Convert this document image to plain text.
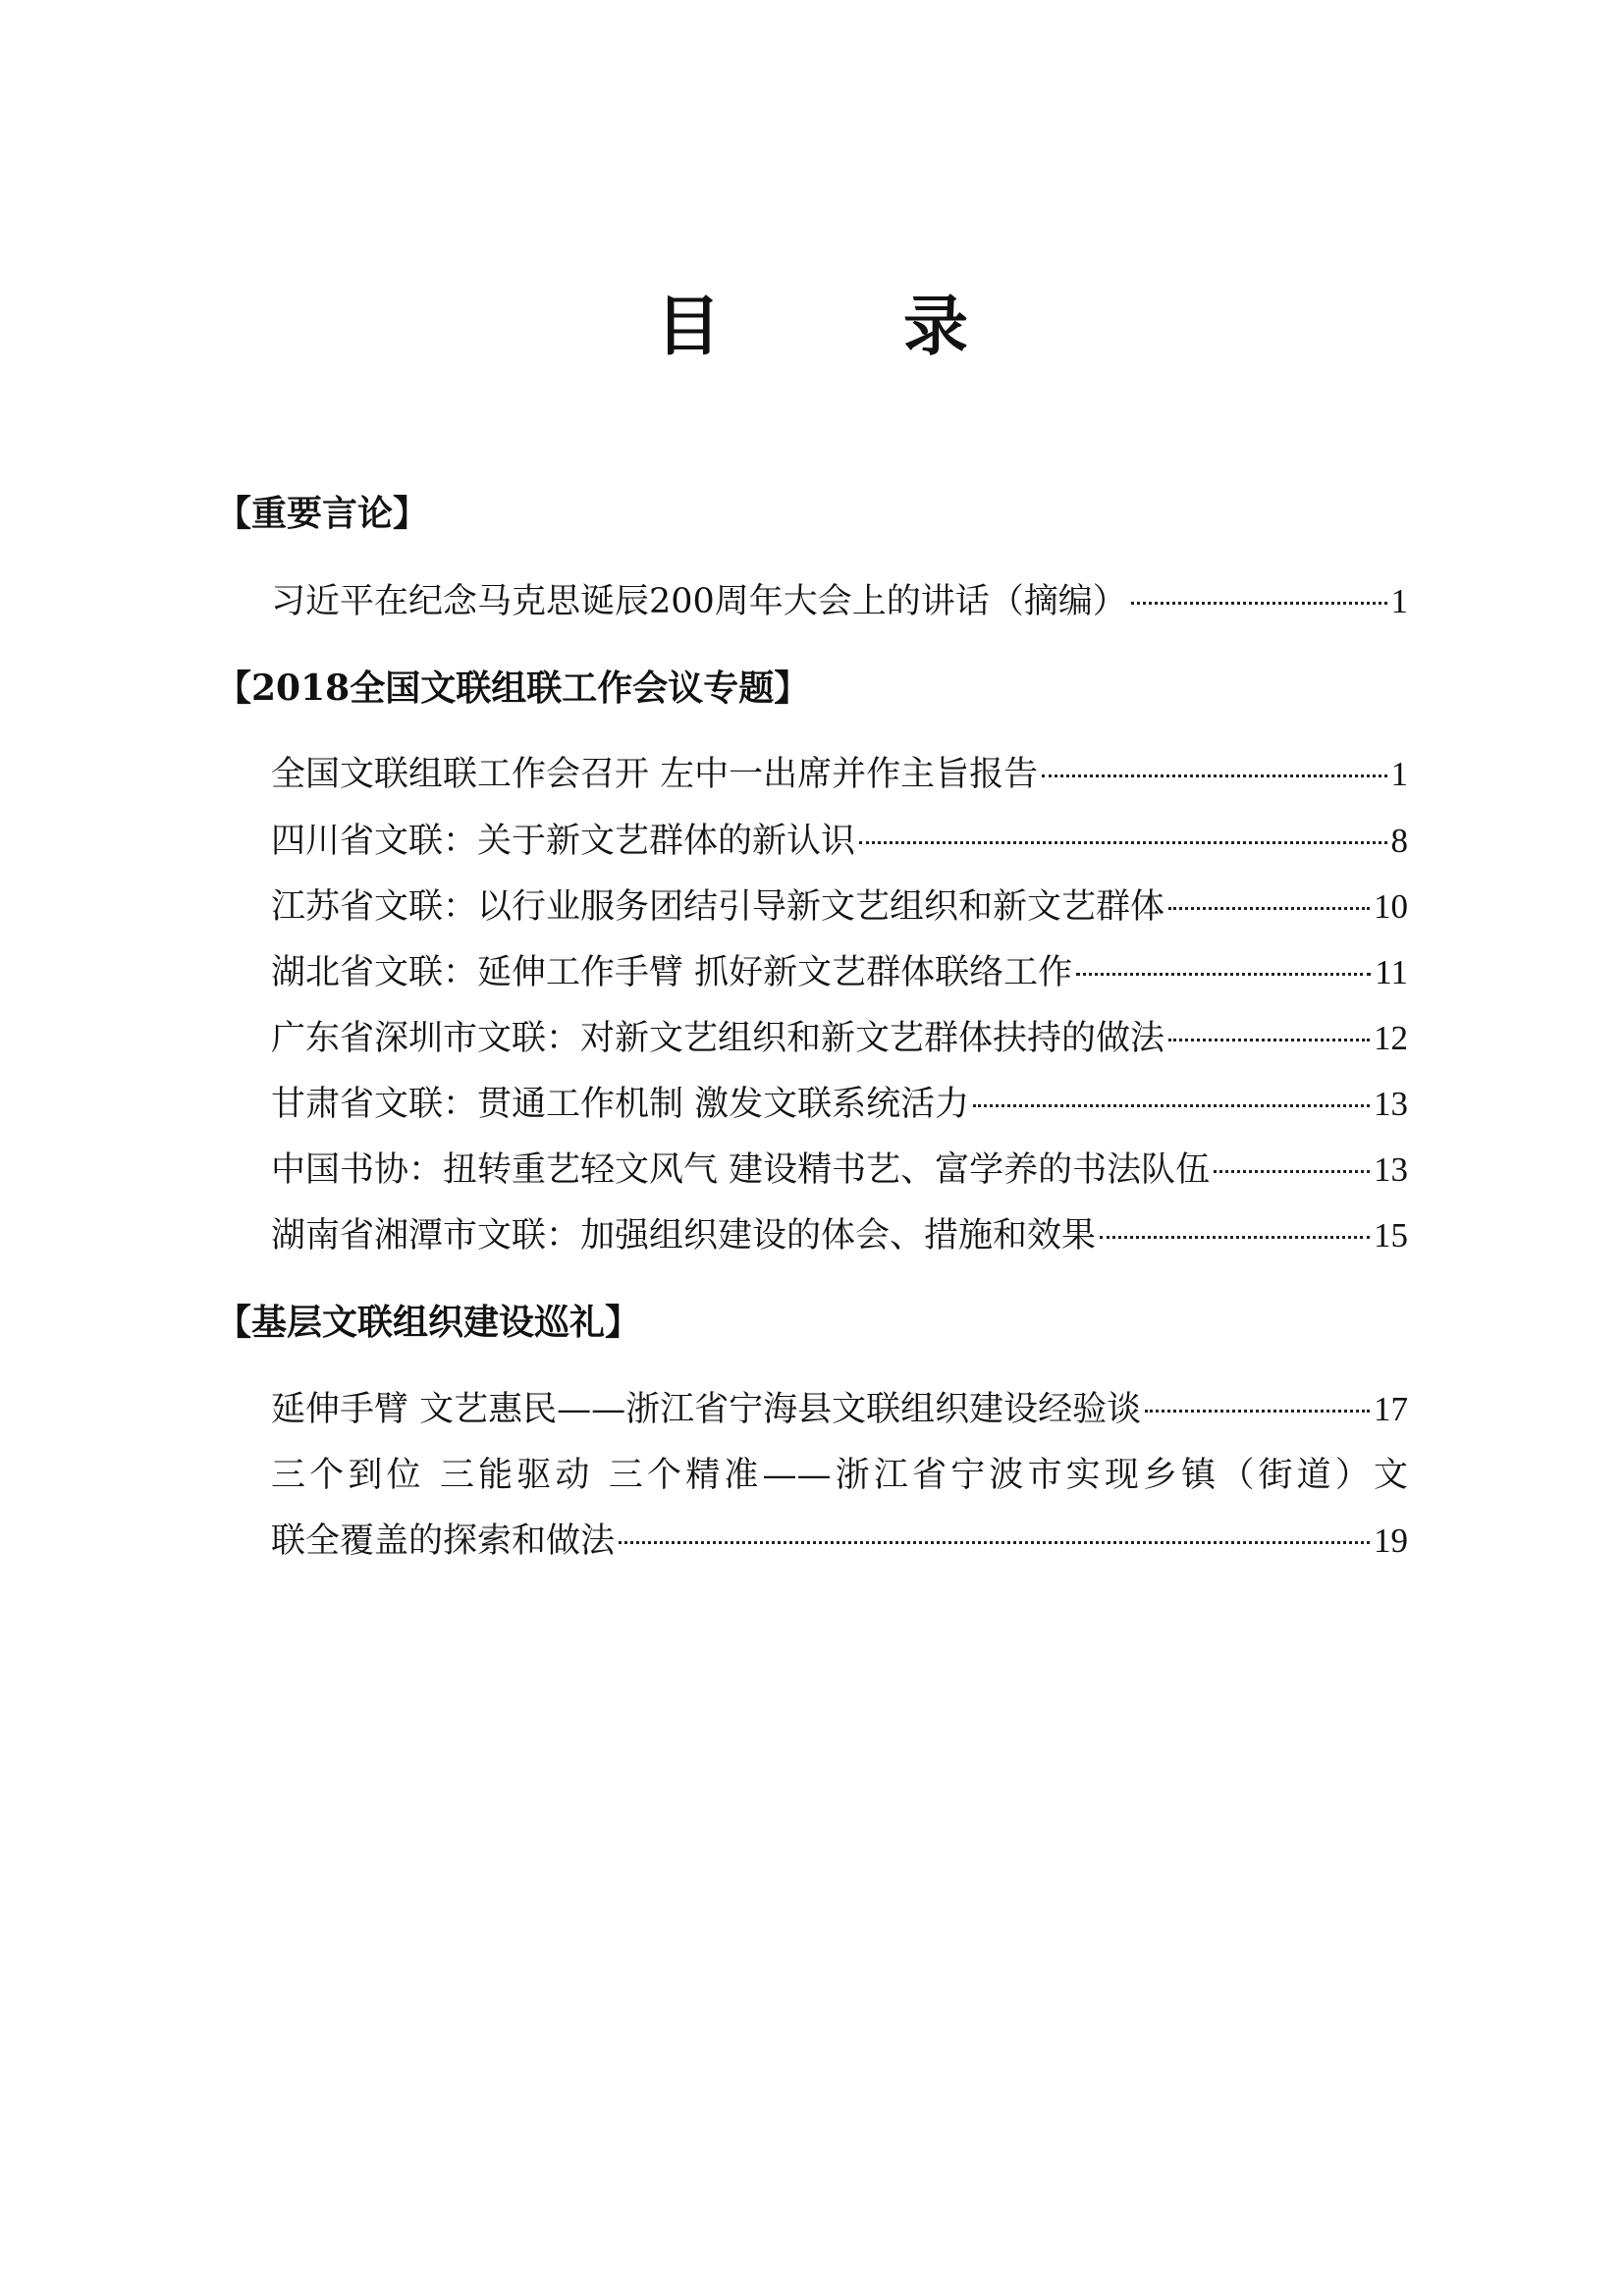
目　录
【重要言论】
习近平在纪念马克思诞辰200周年大会上的讲话（摘编）	1
【2018全国文联组联工作会议专题】
全国文联组联工作会召开 左中一出席并作主旨报告	1
四川省文联：关于新文艺群体的新认识	8
江苏省文联：以行业服务团结引导新文艺组织和新文艺群体	10
湖北省文联：延伸工作手臂 抓好新文艺群体联络工作	11
广东省深圳市文联：对新文艺组织和新文艺群体扶持的做法	12
甘肃省文联：贯通工作机制 激发文联系统活力	13
中国书协：扭转重艺轻文风气 建设精书艺、富学养的书法队伍	13
湖南省湘潭市文联：加强组织建设的体会、措施和效果	15
【基层文联组织建设巡礼】
延伸手臂 文艺惠民——浙江省宁海县文联组织建设经验谈	17
三个到位 三能驱动 三个精准——浙江省宁波市实现乡镇（街道）文
联全覆盖的探索和做法	19
